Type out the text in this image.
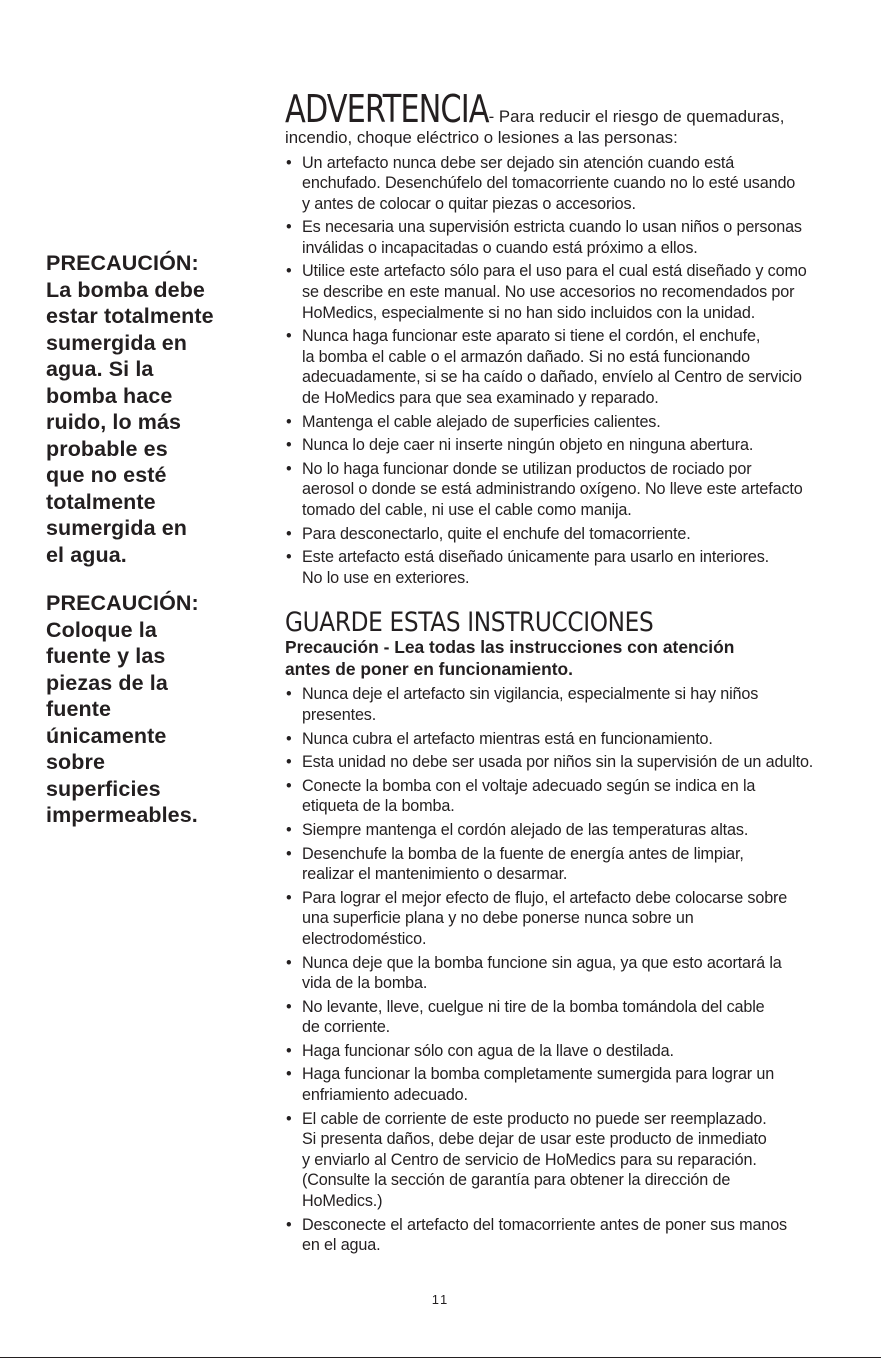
PRECAUCIÓN:
La bomba debe
estar totalmente
sumergida en
agua. Si la
bomba hace
ruido, lo más
probable es
que no esté
totalmente
sumergida en
el agua.
PRECAUCIÓN:
Coloque la
fuente y las
piezas de la
fuente
únicamente
sobre
superficies
impermeables.
ADVERTENCIA - Para reducir el riesgo de quemaduras,
incendio, choque eléctrico o lesiones a las personas:
• Un artefacto nunca debe ser dejado sin atención cuando está
enchufado. Desenchúfelo del tomacorriente cuando no lo esté usando
y antes de colocar o quitar piezas o accesorios.
• Es necesaria una supervisión estricta cuando lo usan niños o personas
inválidas o incapacitadas o cuando está próximo a ellos.
• Utilice este artefacto sólo para el uso para el cual está diseñado y como
se describe en este manual. No use accesorios no recomendados por
HoMedics, especialmente si no han sido incluidos con la unidad.
• Nunca haga funcionar este aparato si tiene el cordón, el enchufe,
la bomba el cable o el armazón dañado. Si no está funcionando
adecuadamente, si se ha caído o dañado, envíelo al Centro de servicio
de HoMedics para que sea examinado y reparado.
• Mantenga el cable alejado de superficies calientes.
• Nunca lo deje caer ni inserte ningún objeto en ninguna abertura.
• No lo haga funcionar donde se utilizan productos de rociado por
aerosol o donde se está administrando oxígeno. No lleve este artefacto
tomado del cable, ni use el cable como manija.
• Para desconectarlo, quite el enchufe del tomacorriente.
• Este artefacto está diseñado únicamente para usarlo en interiores.
No lo use en exteriores.
GUARDE ESTAS INSTRUCCIONES
Precaución - Lea todas las instrucciones con atención
antes de poner en funcionamiento.
• Nunca deje el artefacto sin vigilancia, especialmente si hay niños
presentes.
• Nunca cubra el artefacto mientras está en funcionamiento.
• Esta unidad no debe ser usada por niños sin la supervisión de un adulto.
• Conecte la bomba con el voltaje adecuado según se indica en la
etiqueta de la bomba.
• Siempre mantenga el cordón alejado de las temperaturas altas.
• Desenchufe la bomba de la fuente de energía antes de limpiar,
realizar el mantenimiento o desarmar.
• Para lograr el mejor efecto de flujo, el artefacto debe colocarse sobre
una superficie plana y no debe ponerse nunca sobre un
electrodoméstico.
• Nunca deje que la bomba funcione sin agua, ya que esto acortará la
vida de la bomba.
• No levante, lleve, cuelgue ni tire de la bomba tomándola del cable
de corriente.
• Haga funcionar sólo con agua de la llave o destilada.
• Haga funcionar la bomba completamente sumergida para lograr un
enfriamiento adecuado.
• El cable de corriente de este producto no puede ser reemplazado.
Si presenta daños, debe dejar de usar este producto de inmediato
y enviarlo al Centro de servicio de HoMedics para su reparación.
(Consulte la sección de garantía para obtener la dirección de
HoMedics.)
• Desconecte el artefacto del tomacorriente antes de poner sus manos
en el agua.
11
